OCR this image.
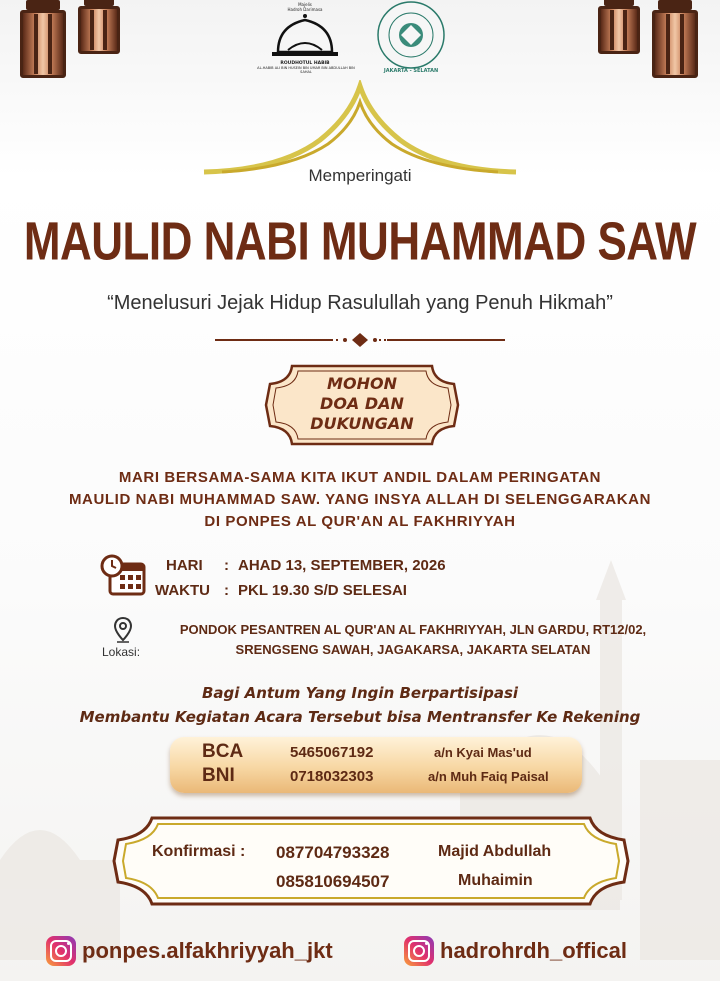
Majelis
Hadroh Darimasa
ROUDHOTUL HABIB
AL-HABIB ALI BIN HUSEIN BIN UMAR BIN ABDULLAH BIN SAHAL	JAKARTA - SELATAN
Memperingati
MAULID NABI MUHAMMAD SAW
“Menelusuri Jejak Hidup Rasulullah yang Penuh Hikmah”
MOHON
DOA DAN
DUKUNGAN
MARI BERSAMA-SAMA KITA IKUT ANDIL DALAM PERINGATAN
MAULID NABI MUHAMMAD SAW. YANG INSYA ALLAH DI SELENGGARAKAN
DI PONPES AL QUR'AN AL FAKHRIYYAH
HARI : AHAD 13, SEPTEMBER, 2026
WAKTU : PKL 19.30 S/D SELESAI
Lokasi:
PONDOK PESANTREN AL QUR'AN AL FAKHRIYYAH, JLN GARDU, RT12/02,
SRENGSENG SAWAH, JAGAKARSA, JAKARTA SELATAN
Bagi Antum Yang Ingin Berpartisipasi
Membantu Kegiatan Acara Tersebut bisa Mentransfer Ke Rekening
BCA	5465067192	a/n Kyai Mas'ud
BNI	0718032303	a/n Muh Faiq Paisal
Konfirmasi : 087704793328	Majid Abdullah
085810694507	Muhaimin
ponpes.alfakhriyyah_jkt	hadrohrdh_offical
